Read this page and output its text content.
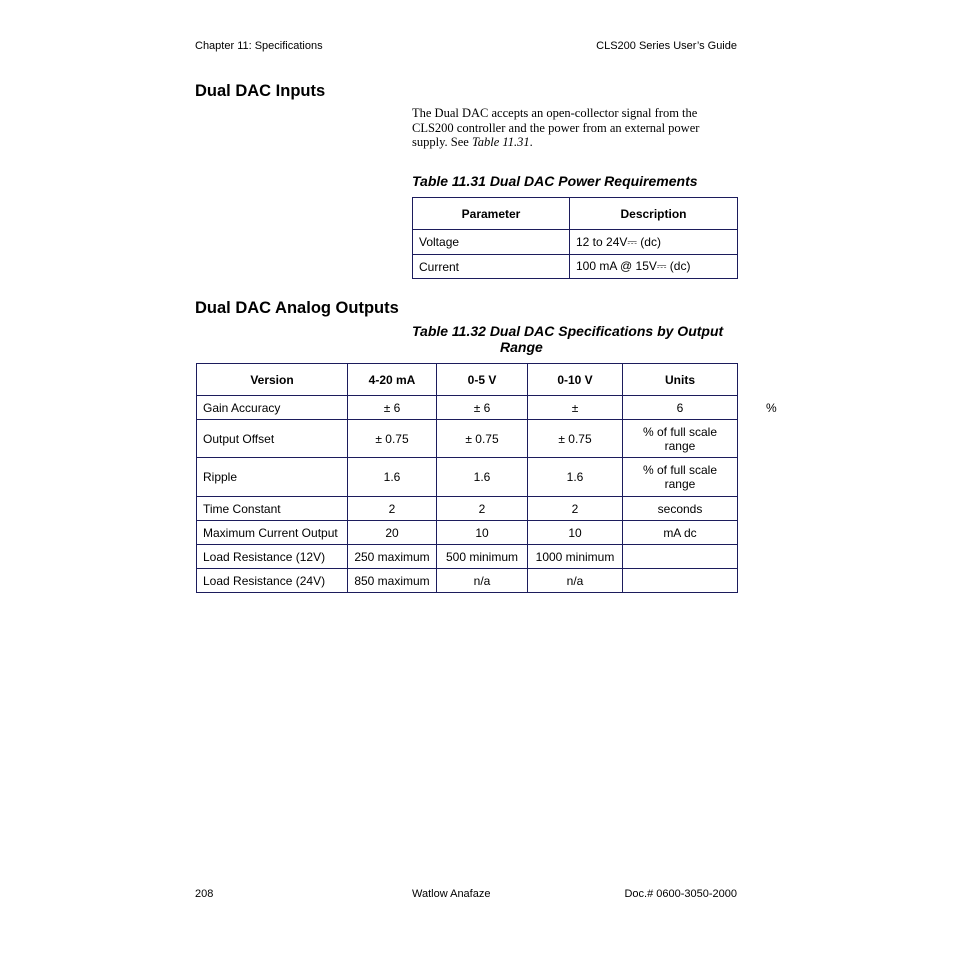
Chapter 11: Specifications	CLS200 Series User’s Guide
Dual DAC Inputs
The Dual DAC accepts an open-collector signal from the
CLS200 controller and the power from an external power
supply. See Table 11.31.
Table 11.31 Dual DAC Power Requirements
Parameter	Description
Voltage	12 to 24V⎓ (dc)
Current	100 mA @ 15V⎓ (dc)
Dual DAC Analog Outputs
Table 11.32 Dual DAC Specifications by Output
Range
Version	4-20 mA	0-5 V	0-10 V	Units
Gain Accuracy	± 6	± 6	±	6
Output Offset	± 0.75	± 0.75	± 0.75	% of full scale range
Ripple	1.6	1.6	1.6	% of full scale range
Time Constant	2	2	2	seconds
Maximum Current Output	20	10	10	mA dc
Load Resistance (12V)	250 maximum	500 minimum	1000 minimum	
Load Resistance (24V)	850 maximum	n/a	n/a	
%
208	Watlow Anafaze	Doc.# 0600-3050-2000
